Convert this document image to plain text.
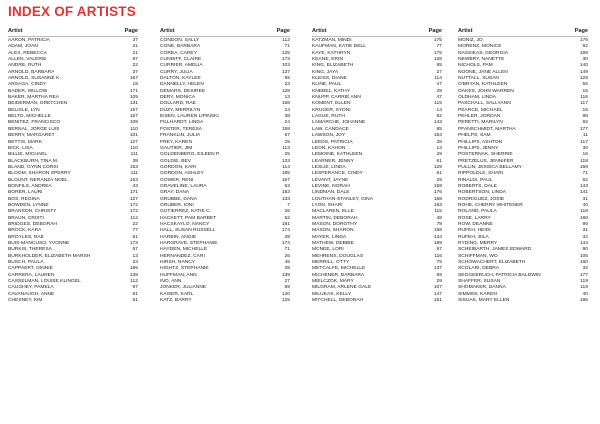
INDEX OF ARTISTS
Artist	Page
AARON, PATRICIA	37
ADAM, JOAN	21
ALEX, REBECCA	21
ALLEN, VALERIE	87
ANDRE, RUTH	22
ARNOLD, BARBARA	37
ARNOLD, SUSANNE K.	167
ARSAGA, CINDY	19
BADER, WILLOW	171
BAKER, MARTHA REA	109
BEIDERMAN, GRETCHEN	131
BELISLE, LYN	157
BELTO, MICHELLE	157
BENITEZ, FRANCISCO	109
BERNAL, JORGE LUIS	110
BERRY, MARGARET	101
BETTIS, MARK	127
BICK, LISA	110
BILLIE, MICHAEL	111
BLACKBURN, TINA M.	38
BLAND, GYNN CORSI	153
BLOOM, SHARON SPERRY	111
BLOUNT, NERANZA NOEL	153
BONFILS, ANDREA	43
BORER, LAURI	171
BOS, REGINA	127
BOWDEN, LYNNE	172
BRANSON, CHRISTY	172
BRAUN, CRISTI	112
BRIDGES, DEBORAH	22
BROCK, KARA	77
BROYLES, RAE	51
BUIS-MANCUSO, YVONNE	173
BURKIS, THERESA	57
BURKHOLDER, ELIZABETH MARSH	13
BUSCH, PAULA	23
CAPPAERT, GINNIE	185
CARRERA, LAUREN	139
CASSELMAN, LOUISE KLINGEL	112
CAUGHEY, PAMELA	97
CAVANAUGH, ANNE	81
CHESNEY, KIM	51
Artist	Page
CONDON, SALLY	113
CONE, BARBARA	71
COREA, CAREY	125
CUNDIFF, CLAIRE	173
CURRIER, AMELIA	103
CURRY, JULIA	137
DALTON, KAYLEE	65
DANNELLY, HELEN	23
DEMARS, DESIREE	128
DERY, MONICA	13
DOLLARD, RAE	158
DUZY, MERRILYN	24
EISEN, LAUREN LIPINSKI	38
FILLHARDT, LINDA	24
FOSTER, TERESA	158
FRANKLIN, JULIA	67
FREY, KAREN	25
GAUTIER, JIM	113
GOLDENBERG, EILEEN P.	25
GOLDIE, BEV	133
GORDON, KARI	114
GORDON, ASHLEY	185
GOWER, RENI	167
GRAVELINE, LAURA	63
GRAY, DANA	183
GRUBBE, DANA	133
GRUBER, IONI	7
GUTIERREZ, KATIE C.	26
HACKETT, PAM BARBET	52
HACSKAYLO, NANCY	181
HALL, SUSAN RUSSELL	174
HARBIN, ANGIE	39
HARGRAVE, STEPHANIE	174
HAYDEN, MICHELLE	71
HERNANDEZ, CARI	26
HIRSH, NANCY	45
HIGHTZ, STEPHANIE	39
HUFFMAN, ANN	139
INO, ANN	27
JONKER, JULIANNE	89
KAISER, KARL	140
KATZ, BARRY	125
Artist	Page
KATZMAN, MINDI	175
KAUFMAN, KATIE DELL	77
KAYE, KATHRYN	175
KEANE, ERIN	128
KING, ELIZABETH	85
KING, JAYA	27
KLEISS, DIANE	114
KLINE, PAUL	47
KNEBEL, KATHY	28
KNUPP, CARRIE ANN	47
KOMENT, ELLEN	115
KRUGER, SYDNI	14
LAGUE, RUTH	82
LAMARCHE, JOHANNE	143
LAW, CANDACE	85
LAWSON, JOY	154
LEEDS, PATRICIA	28
LEON, KAHON	14
LEMOINE, KATHLEEN	29
LEARNER, JENNY	61
LESLIE, LINDA	129
LESPERANCE, CINDY	61
LEVANT, JAYNE	29
LEVINE, NORAH	159
LINDMAN, DALE	176
LOUTHAN-STANLEY, GINA	168
LYON, SHARI	163
MACLAREN, ELLE	115
MARTIN, DEBORAH	48
MASON, DOROTHY	78
MASON, SHARON	168
MAYER, LINDA	134
MATHEW, DEBBIE	189
MCNEE, LORI	57
MEHRENS, DOUGLAS	116
MERRILL, OTTY	75
METCALFE, MICHELLE	137
MICHENER, BARBARA	59
MIELCZOK, MARY	29
MILGRAM, ARLENE GALE	107
MILUKAS, KELLY	147
MITCHELL, DEBORAH	151
Artist	Page
MONIZ, JO	176
MORENZ, MONICE	92
NASSIKAS, GEORGIA	169
NEWBRY, NANETTE	30
NICHOLS, PAM	140
NOONE, JANE ALLEN	149
NUTTALL, SUSAN	129
O'BRYAN, KATHLEEN	55
OAKES, JOHN WARREN	15
OLDHAM, LINDA	116
PASCHALL, SALLYANN	117
PEARCE, MICHAEL	15
PEHLER, JORDAN	98
PERETTI, MARILYN	62
PFANSCHMIDT, MARTHA	177
PHELPS, SAM	11
PHILLIPS, ASHTON	117
PHILLIPS, JENNY	30
POSTERNAK, SHERRIE	16
PRETZELUS, JENNIFER	118
PULLIN, JESSICA BELLAMY	159
RIPPOLDLE, SHARI	71
RINALDI, PAUL	62
ROBERTS, DALE	143
ROBERTSON, LINDA	141
RODRIGUEZ, JOSIE	31
ROHE, CHERRY WHITENER	40
ROLAND, PAULA	118
ROSE, LARRY	160
ROW, DEANNE	95
RUFEH, HEIDI	31
RUFEH, JIILA	32
RYDING, MERRY	144
SCHEIBARTH, JAMES EDWARD	90
SCHIFFMAN, WO	105
SCHOWACHERT, ELIZABETH	160
SCOLARI, DEBRA	32
SEGGEBRUCH, PATRICIA BALDWIN	177
SHAFFER, SUSAN	119
SHOMAKER, DANNA	119
SIMMSS, KAREN	40
SISUAK, MARY ELLEN	186
